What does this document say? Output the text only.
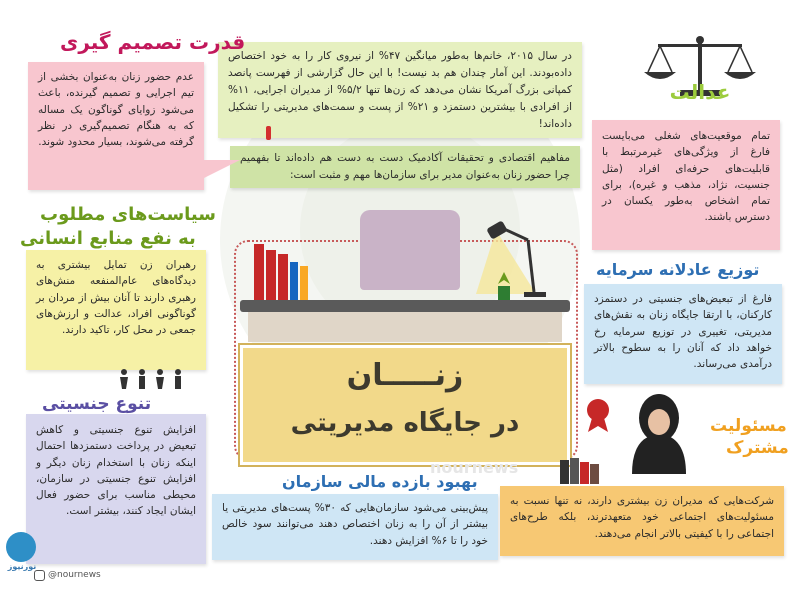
در سال ۲۰۱۵، خانم‌ها به‌طور میانگین ۴۷% از نیروی کار را به خود اختصاص داده‌بودند. این آمار چندان هم بد نیست! با این حال گزارشی از فهرست پانصد کمپانی بزرگ آمریکا نشان می‌دهد که زن‌ها تنها ۵/۲% از مدیران اجرایی، ۱۱% از افرادی با بیشترین دستمزد و ۲۱% از پست و سمت‌های مدیریتی را تشکیل داده‌اند!
مفاهیم اقتصادی و تحقیقات آکادمیک دست به دست هم داده‌اند تا بفهمیم چرا حضور زنان به‌عنوان مدیر برای سازمان‌ها مهم و مثبت است:
قدرت تصمیم گیری
عدم حضور زنان به‌عنوان بخشی از تیم اجرایی و تصمیم گیرنده، باعث می‌شود زوایای گوناگون یک مساله که به هنگام تصمیم‌گیری در نظر گرفته می‌شوند، بسیار محدود شوند.
عدالت
تمام موقعیت‌های شغلی می‌بایست فارغ از ویژگی‌های غیرمرتبط با قابلیت‌های حرفه‌ای افراد (مثل جنسیت، نژاد، مذهب و غیره)، برای تمام اشخاص به‌طور یکسان در دسترس باشند.
سیاست‌های مطلوب
به نفع منابع انسانی
رهبران زن تمایل بیشتری به دیدگاه‌های عام‌المنفعه منش‌های رهبری دارند تا آنان بیش از مردان بر گوناگونی افراد، عدالت و ارزش‌های جمعی در محل کار، تاکید دارند.
توزیع عادلانه سرمایه
فارغ از تبعیض‌های جنسیتی در دستمزد کارکنان، با ارتقا جایگاه زنان به نقش‌های مدیریتی، تغییری در توزیع سرمایه رخ خواهد داد که آنان را به سطوح بالاتر درآمدی می‌رساند.
تنوع جنسیتی
افزایش تنوع جنسیتی و کاهش تبعیض در پرداخت دستمزدها احتمال اینکه زنان با استخدام زنان دیگر و افزایش تنوع جنسیتی در سازمان، محیطی مناسب برای حضور فعال ایشان ایجاد کنند، بیشتر است.
زنـــــان
در جایگاه مدیریتی
nournews
بهبود بازده مالی سازمان
پیش‌بینی می‌شود سازمان‌هایی که ۳۰% پست‌های مدیریتی یا بیشتر از آن را به زنان اختصاص دهند می‌توانند سود خالص خود را تا ۶% افزایش دهند.
مسئولیت
مشترک
شرکت‌هایی که مدیران زن بیشتری دارند، نه تنها نسبت به مسئولیت‌های اجتماعی خود متعهدترند، بلکه طرح‌های اجتماعی را با کیفیتی بالاتر انجام می‌دهند.
نورنیوز
@nournews
